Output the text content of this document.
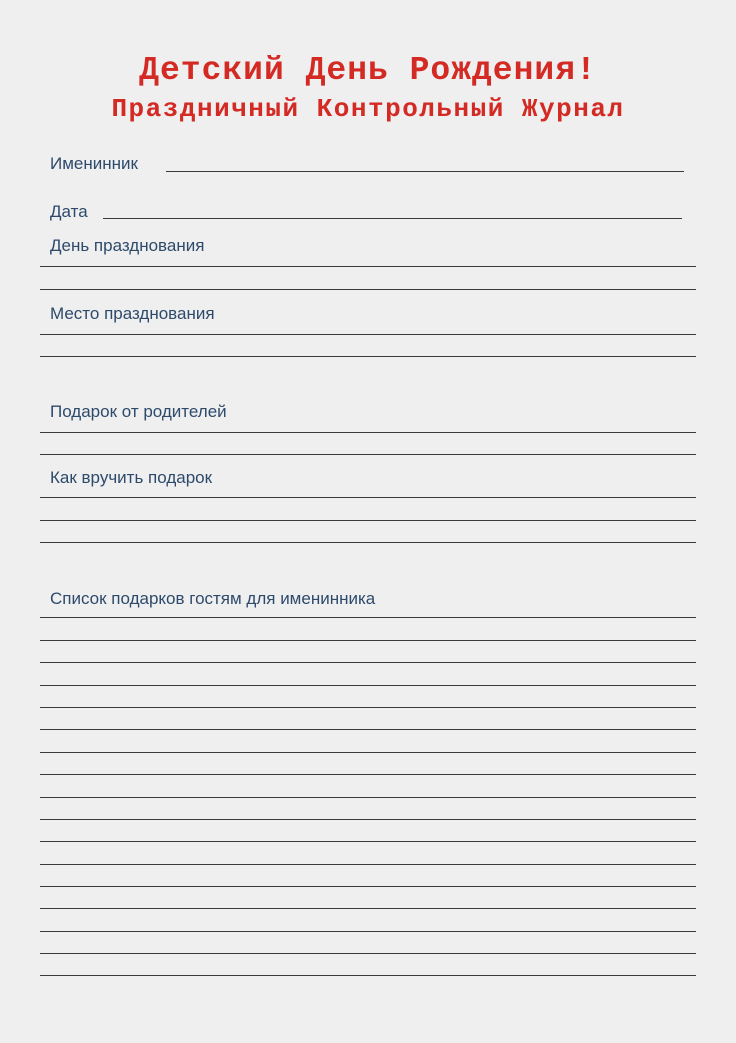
Детский День Рождения!
Праздничный Контрольный Журнал
Именинник
Дата
День празднования
Место празднования
Подарок от родителей
Как вручить подарок
Список подарков гостям для именинника
